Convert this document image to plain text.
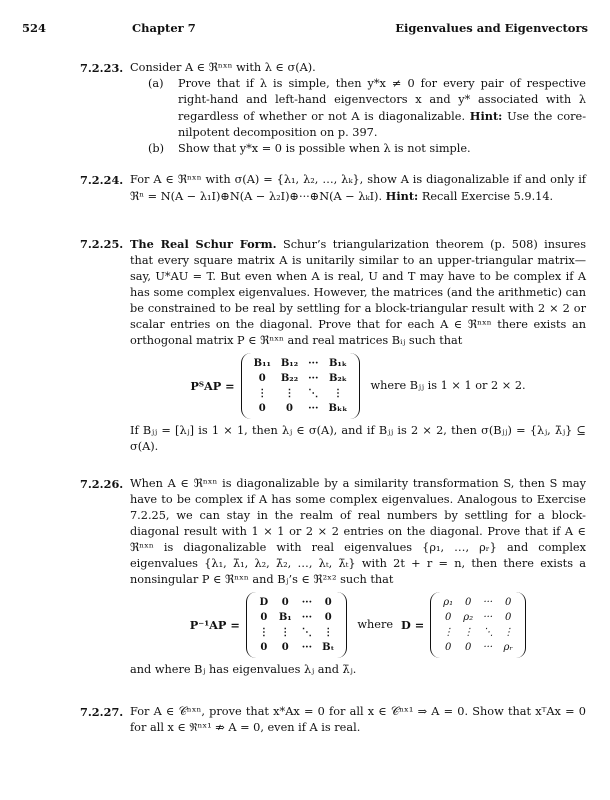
524	Chapter 7	Eigenvalues and Eigenvectors
7.2.23. Consider A ∈ ℜⁿˣⁿ with λ ∈ σ(A).

(a) Prove that if λ is simple, then y*x ≠ 0 for every pair of respective right-hand and left-hand eigenvectors x and y* associated with λ regardless of whether or not A is diagonalizable. Hint: Use the core-nilpotent decomposition on p. 397.

(b) Show that y*x = 0 is possible when λ is not simple.

7.2.24. For A ∈ ℜⁿˣⁿ with σ(A) = {λ₁, λ₂, …, λₖ}, show A is diagonalizable if and only if ℜⁿ = N(A − λ₁I)⊕N(A − λ₂I)⊕···⊕N(A − λₖI). Hint: Recall Exercise 5.9.14.

7.2.25. The Real Schur Form. Schur’s triangularization theorem (p. 508) insures that every square matrix A is unitarily similar to an upper-triangular matrix—say, U*AU = T. But even when A is real, U and T may have to be complex if A has some complex eigenvalues. However, the matrices (and the arithmetic) can be constrained to be real by settling for a block-triangular result with 2 × 2 or scalar entries on the diagonal. Prove that for each A ∈ ℜⁿˣⁿ there exists an orthogonal matrix P ∈ ℜⁿˣⁿ and real matrices Bᵢⱼ such that

PᵀAP =
B₁₁	B₁₂	···	B₁ₖ
0	B₂₂	···	B₂ₖ
⋮	⋮	⋱	⋮
0	0	···	Bₖₖ
where Bⱼⱼ is 1 × 1 or 2 × 2.

If Bⱼⱼ = [λⱼ] is 1 × 1, then λⱼ ∈ σ(A), and if Bⱼⱼ is 2 × 2, then σ(Bⱼⱼ) = {λⱼ, λ̄ⱼ} ⊆ σ(A).

7.2.26. When A ∈ ℜⁿˣⁿ is diagonalizable by a similarity transformation S, then S may have to be complex if A has some complex eigenvalues. Analogous to Exercise 7.2.25, we can stay in the realm of real numbers by settling for a block-diagonal result with 1 × 1 or 2 × 2 entries on the diagonal. Prove that if A ∈ ℜⁿˣⁿ is diagonalizable with real eigenvalues {ρ₁, …, ρᵣ} and complex eigenvalues {λ₁, λ̄₁, λ₂, λ̄₂, …, λₜ, λ̄ₜ} with 2t + r = n, then there exists a nonsingular P ∈ ℜⁿˣⁿ and Bⱼ’s ∈ ℜ²ˣ² such that

P⁻¹AP =
D	0	···	0
0	B₁	···	0
⋮	⋮	⋱	⋮
0	0	···	Bₜ
where D =
ρ₁	0	···	0
0	ρ₂	···	0
⋮	⋮	⋱	⋮
0	0	···	ρᵣ

and where Bⱼ has eigenvalues λⱼ and λ̄ⱼ.

7.2.27. For A ∈ 𝒞ⁿˣⁿ, prove that x*Ax = 0 for all x ∈ 𝒞ⁿˣ¹ ⇒ A = 0. Show that xᵀAx = 0 for all x ∈ ℜⁿˣ¹ ⇏ A = 0, even if A is real.
